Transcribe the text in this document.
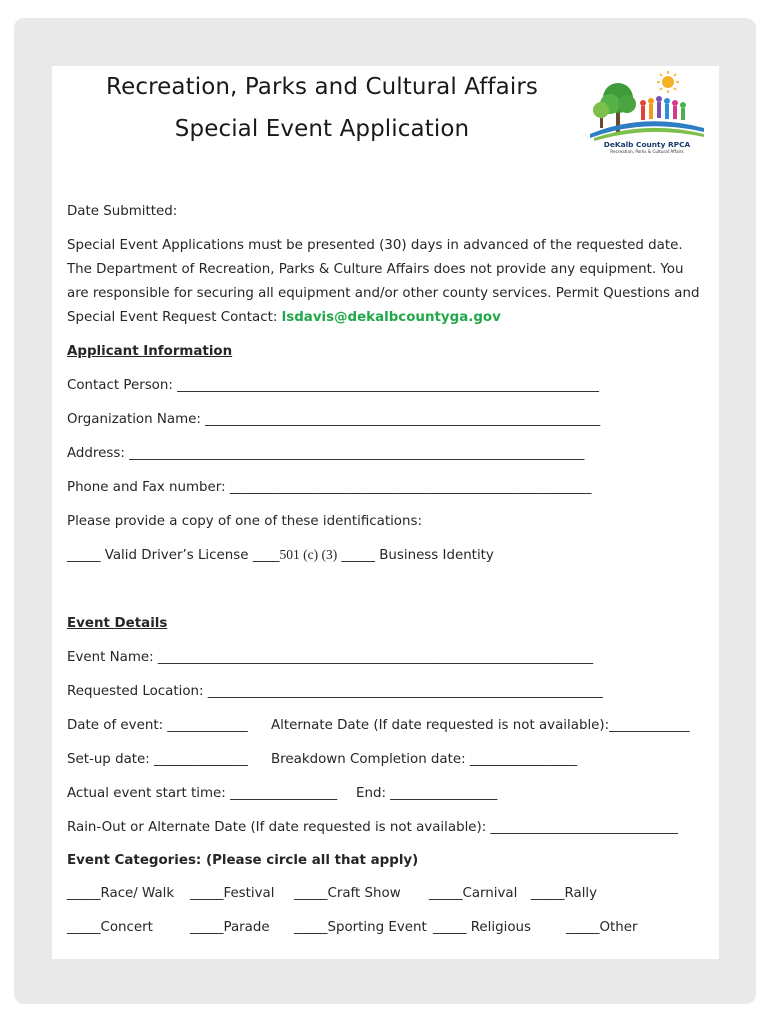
Recreation, Parks and Cultural Affairs
Special Event Application
DeKalb County RPCA
Recreation, Parks & Cultural Affairs
Date Submitted:
Special Event Applications must be presented (30) days in advanced of the requested date. The Department of Recreation, Parks & Culture Affairs does not provide any equipment. You are responsible for securing all equipment and/or other county services. Permit Questions and Special Event Request Contact: lsdavis@dekalbcountyga.gov
Applicant Information
Contact Person: _______________________________________________________________
Organization Name: ___________________________________________________________
Address: ____________________________________________________________________
Phone and Fax number: ______________________________________________________
Please provide a copy of one of these identifications:
_____ Valid Driver’s License ____501 (c) (3) _____ Business Identity
Event Details
Event Name: _________________________________________________________________
Requested Location: ___________________________________________________________
Date of event: ____________ Alternate Date (If date requested is not available):____________
Set-up date: ______________ Breakdown Completion date: ________________
Actual event start time: ________________ End: ________________
Rain-Out or Alternate Date (If date requested is not available): ____________________________
Event Categories: (Please circle all that apply)
_____Race/ Walk _____Festival _____Craft Show _____Carnival _____Rally
_____Concert	_____Parade _____Sporting Event _____ Religious	_____Other
